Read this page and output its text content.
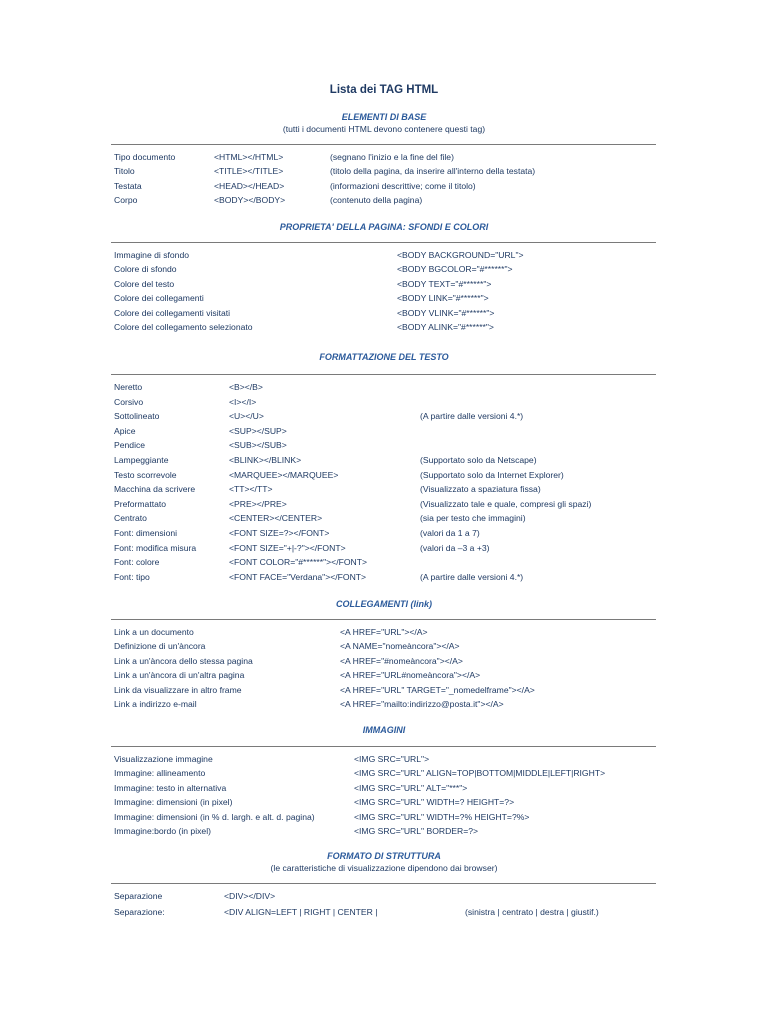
Lista dei TAG HTML
ELEMENTI DI BASE
(tutti i documenti HTML devono contenere questi tag)
Tipo documento	<HTML></HTML>	(segnano l'inizio e la fine del file)
Titolo	<TITLE></TITLE>	(titolo della pagina, da inserire all'interno della testata)
Testata	<HEAD></HEAD>	(informazioni descrittive; come il titolo)
Corpo	<BODY></BODY>	(contenuto della pagina)
PROPRIETA' DELLA PAGINA: SFONDI E COLORI
Immagine di sfondo	<BODY BACKGROUND="URL">
Colore di sfondo	<BODY BGCOLOR="#******">
Colore del testo	<BODY TEXT="#******">
Colore dei collegamenti	<BODY LINK="#******">
Colore dei collegamenti visitati	<BODY VLINK="#******">
Colore del collegamento selezionato	<BODY ALINK="#******">
FORMATTAZIONE DEL TESTO
Neretto	<B></B>
Corsivo	<I></I>
Sottolineato	<U></U>	(A partire dalle versioni 4.*)
Apice	<SUP></SUP>
Pendice	<SUB></SUB>
Lampeggiante	<BLINK></BLINK>	(Supportato solo da Netscape)
Testo scorrevole	<MARQUEE></MARQUEE>	(Supportato solo da Internet Explorer)
Macchina da scrivere	<TT></TT>	(Visualizzato a spaziatura fissa)
Preformattato	<PRE></PRE>	(Visualizzato tale e quale, compresi gli spazi)
Centrato	<CENTER></CENTER>	(sia per testo che immagini)
Font: dimensioni	<FONT SIZE=?></FONT>	(valori da 1 a 7)
Font: modifica misura	<FONT SIZE="+|-?"></FONT>	(valori da –3 a +3)
Font: colore	<FONT COLOR="#******"></FONT>
Font: tipo	<FONT FACE="Verdana"></FONT>	(A partire dalle versioni 4.*)
COLLEGAMENTI (link)
Link a un documento	<A HREF="URL"></A>
Definizione di un'àncora	<A NAME="nomeàncora"></A>
Link a un'àncora dello stessa pagina	<A HREF="#nomeàncora"></A>
Link a un'àncora di un'altra pagina	<A HREF="URL#nomeàncora"></A>
Link da visualizzare in altro frame	<A HREF="URL" TARGET="_nomedelframe"></A>
Link a indirizzo e-mail	<A HREF="mailto:indirizzo@posta.it"></A>
IMMAGINI
Visualizzazione immagine	<IMG SRC="URL">
Immagine: allineamento	<IMG SRC="URL" ALIGN=TOP|BOTTOM|MIDDLE|LEFT|RIGHT>
Immagine: testo in alternativa	<IMG SRC="URL" ALT="***">
Immagine: dimensioni (in pixel)	<IMG SRC="URL" WIDTH=? HEIGHT=?>
Immagine: dimensioni (in % d. largh. e alt. d. pagina)	<IMG SRC="URL" WIDTH=?% HEIGHT=?%>
Immagine:bordo (in pixel)	<IMG SRC="URL" BORDER=?>
FORMATO DI STRUTTURA
(le caratteristiche di visualizzazione dipendono dai browser)
Separazione	<DIV></DIV>
Separazione:	<DIV ALIGN=LEFT | RIGHT | CENTER |	(sinistra | centrato | destra | giustif.)
